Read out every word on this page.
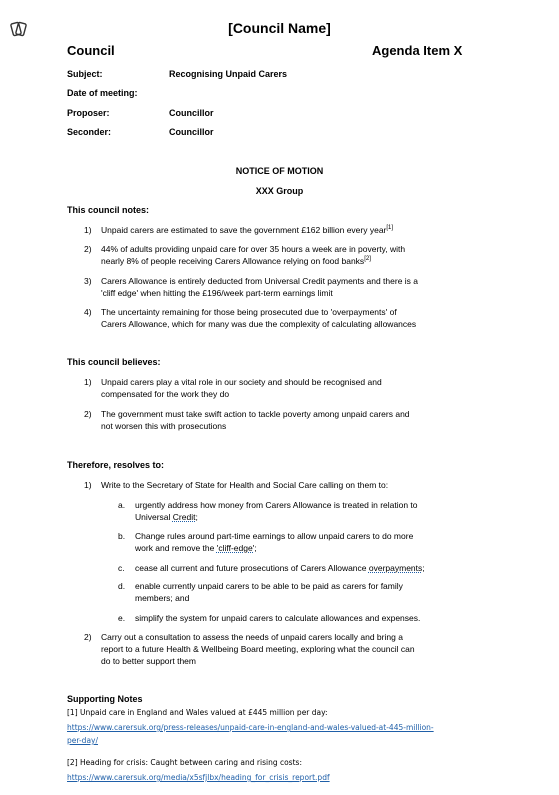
[Council Name]
Council	Agenda Item X
Subject:	Recognising Unpaid Carers
Date of meeting:
Proposer:	Councillor
Seconder:	Councillor
NOTICE OF MOTION
XXX Group
This council notes:
1) Unpaid carers are estimated to save the government £162 billion every year[1]
2) 44% of adults providing unpaid care for over 35 hours a week are in poverty, with
nearly 8% of people receiving Carers Allowance relying on food banks[2]
3) Carers Allowance is entirely deducted from Universal Credit payments and there is a
'cliff edge' when hitting the £196/week part-term earnings limit
4) The uncertainty remaining for those being prosecuted due to 'overpayments' of
Carers Allowance, which for many was due the complexity of calculating allowances
This council believes:
1) Unpaid carers play a vital role in our society and should be recognised and
compensated for the work they do
2) The government must take swift action to tackle poverty among unpaid carers and
not worsen this with prosecutions
Therefore, resolves to:
1) Write to the Secretary of State for Health and Social Care calling on them to:
a. urgently address how money from Carers Allowance is treated in relation to
Universal Credit;
b. Change rules around part-time earnings to allow unpaid carers to do more
work and remove the 'cliff-edge';
c. cease all current and future prosecutions of Carers Allowance overpayments;
d. enable currently unpaid carers to be able to be paid as carers for family
members; and
e. simplify the system for unpaid carers to calculate allowances and expenses.
2) Carry out a consultation to assess the needs of unpaid carers locally and bring a
report to a future Health & Wellbeing Board meeting, exploring what the council can
do to better support them
Supporting Notes
[1] Unpaid care in England and Wales valued at £445 million per day:
https://www.carersuk.org/press-releases/unpaid-care-in-england-and-wales-valued-at-445-million-
per-day/
[2] Heading for crisis: Caught between caring and rising costs:
https://www.carersuk.org/media/x5sfjlbx/heading_for_crisis_report.pdf
